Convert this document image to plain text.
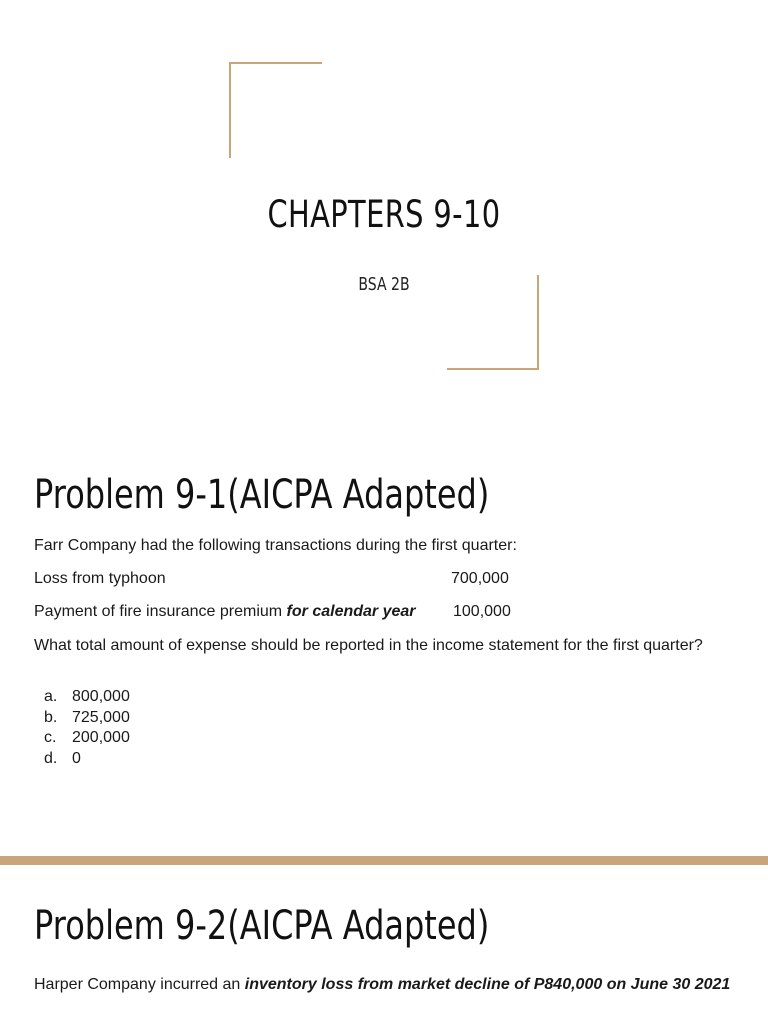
CHAPTERS 9-10
BSA 2B
Problem 9-1(AICPA Adapted)
Farr Company had the following transactions during the first quarter:
Loss from typhoon	700,000
Payment of fire insurance premium for calendar year 100,000
What total amount of expense should be reported in the income statement for the first quarter?
a. 800,000
b. 725,000
c. 200,000
d. 0
Problem 9-2(AICPA Adapted)
Harper Company incurred an inventory loss from market decline of P840,000 on June 30 2021
